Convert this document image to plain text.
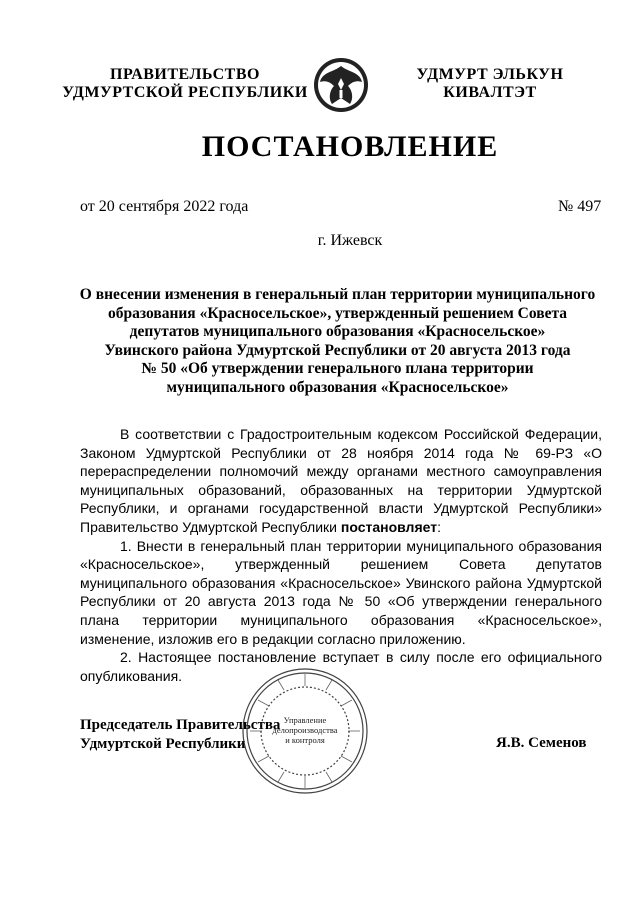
ПРАВИТЕЛЬСТВО
УДМУРТСКОЙ РЕСПУБЛИКИ
УДМУРТ ЭЛЬКУН
КИВАЛТЭТ
ПОСТАНОВЛЕНИЕ
от 20 сентября 2022 года	№ 497
г. Ижевск
О внесении изменения в генеральный план территории муниципального
образования «Красносельское», утвержденный решением Совета
депутатов муниципального образования «Красносельское»
Увинского района Удмуртской Республики от 20 августа 2013 года
№ 50 «Об утверждении генерального плана территории
муниципального образования «Красносельское»

В соответствии с Градостроительным кодексом Российской Федерации, Законом Удмуртской Республики от 28 ноября 2014 года № 69-РЗ «О перераспределении полномочий между органами местного самоуправления муниципальных образований, образованных на территории Удмуртской Республики, и органами государственной власти Удмуртской Республики» Правительство Удмуртской Республики постановляет:

1. Внести в генеральный план территории муниципального образования «Красносельское», утвержденный решением Совета депутатов муниципального образования «Красносельское» Увинского района Удмуртской Республики от 20 августа 2013 года № 50 «Об утверждении генерального плана территории муниципального образования «Красносельское», изменение, изложив его в редакции согласно приложению.

2. Настоящее постановление вступает в силу после его официального опубликования.

Председатель Правительства
Удмуртской Республики
Управление
делопроизводства
и контроля	Я.В. Семенов
